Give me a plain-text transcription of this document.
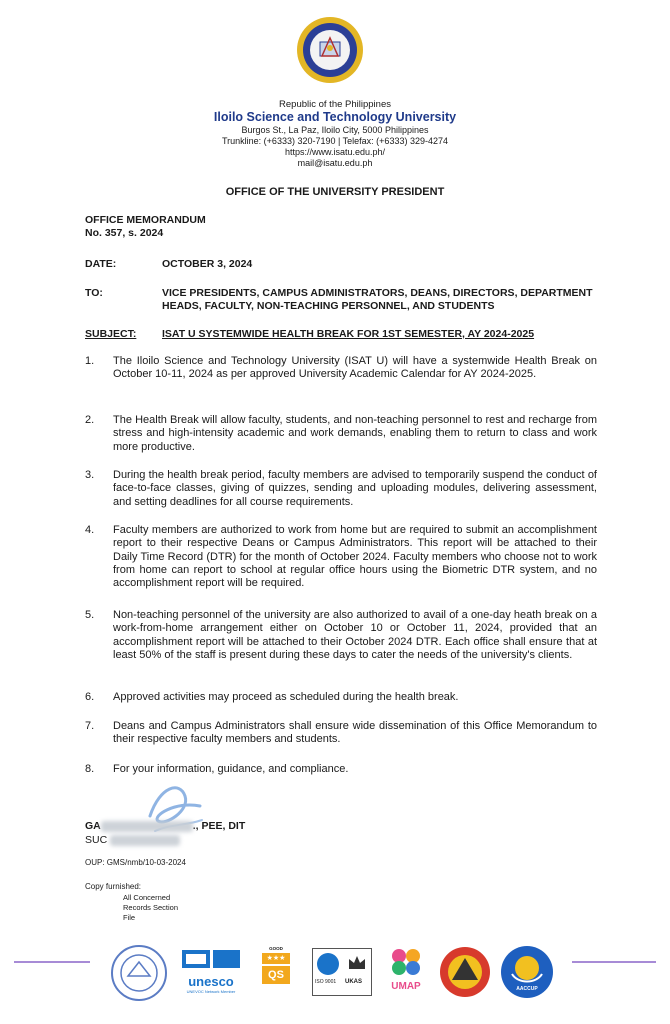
Republic of the Philippines
Iloilo Science and Technology University
Burgos St., La Paz, Iloilo City, 5000 Philippines
Trunkline: (+6333) 320-7190 | Telefax: (+6333) 329-4274
https://www.isatu.edu.ph/
mail@isatu.edu.ph
OFFICE OF THE UNIVERSITY PRESIDENT
OFFICE MEMORANDUM
No. 357, s. 2024
DATE:	OCTOBER 3, 2024
TO:	VICE PRESIDENTS, CAMPUS ADMINISTRATORS, DEANS, DIRECTORS, DEPARTMENT HEADS, FACULTY, NON-TEACHING PERSONNEL, AND STUDENTS
SUBJECT: ISAT U SYSTEMWIDE HEALTH BREAK FOR 1ST SEMESTER, AY 2024-2025
1. The Iloilo Science and Technology University (ISAT U) will have a systemwide Health Break on October 10-11, 2024 as per approved University Academic Calendar for AY 2024-2025.
2. The Health Break will allow faculty, students, and non-teaching personnel to rest and recharge from stress and high-intensity academic and work demands, enabling them to return to class and work more productive.
3. During the health break period, faculty members are advised to temporarily suspend the conduct of face-to-face classes, giving of quizzes, sending and uploading modules, delivering assessment, and setting deadlines for all course requirements.
4. Faculty members are authorized to work from home but are required to submit an accomplishment report to their respective Deans or Campus Administrators. This report will be attached to their Daily Time Record (DTR) for the month of October 2024. Faculty members who choose not to work from home can report to school at regular office hours using the Biometric DTR system, and no accomplishment report will be required.
5. Non-teaching personnel of the university are also authorized to avail of a one-day heath break on a work-from-home arrangement either on October 10 or October 11, 2024, provided that an accomplishment report will be attached to their October 2024 DTR. Each office shall ensure that at least 50% of the staff is present during these days to cater the needs of the university's clients.
6. Approved activities may proceed as scheduled during the health break.
7. Deans and Campus Administrators shall ensure wide dissemination of this Office Memorandum to their respective faculty members and students.
8. For your information, guidance, and compliance.
GA	., PEE, DIT
SUC
OUP: GMS/nmb/10-03-2024
Copy furnished:
All Concerned
Records Section
File
unesco
UNEVOC Network Member
GOOD
★★★
QS
ISO 9001 UKAS	UMAP	AACCUP
